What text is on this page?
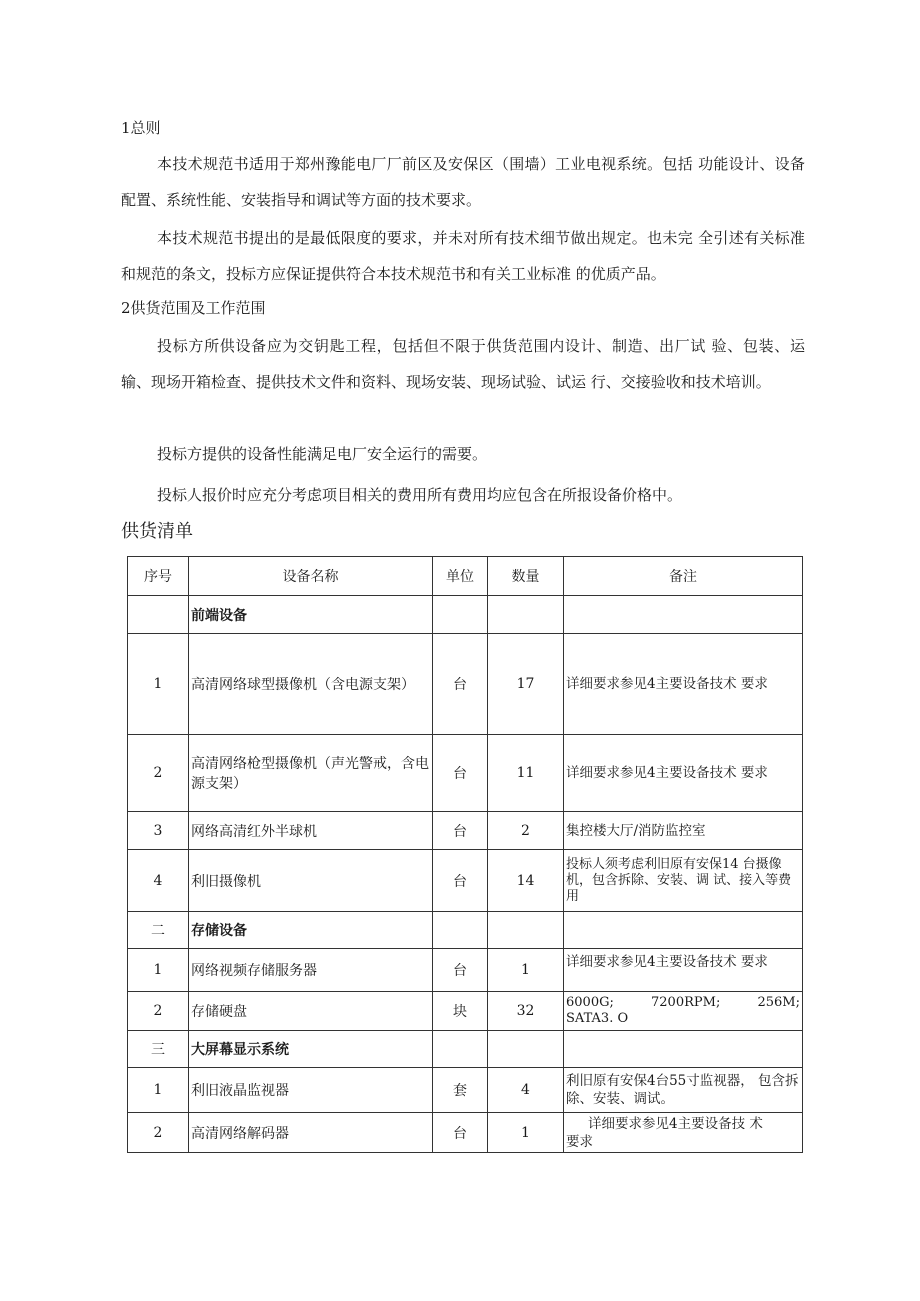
1总则
本技术规范书适用于郑州豫能电厂厂前区及安保区（围墙）工业电视系统。包括 功能设计、设备配置、系统性能、安装指导和调试等方面的技术要求。
本技术规范书提出的是最低限度的要求，并未对所有技术细节做出规定。也未完 全引述有关标准和规范的条文，投标方应保证提供符合本技术规范书和有关工业标准 的优质产品。
2供货范围及工作范围
投标方所供设备应为交钥匙工程，包括但不限于供货范围内设计、制造、出厂试 验、包装、运输、现场开箱检查、提供技术文件和资料、现场安装、现场试验、试运 行、交接验收和技术培训。
投标方提供的设备性能满足电厂安全运行的需要。
投标人报价时应充分考虑项目相关的费用所有费用均应包含在所报设备价格中。
供货清单
序号	设备名称	单位	数量	备注
	前端设备			
1	高清网络球型摄像机（含电源支架）	台	17	详细要求参见4主要设备技术 要求
2	高清网络枪型摄像机（声光警戒，含电源支架）	台	11	详细要求参见4主要设备技术 要求
3	网络高清红外半球机	台	2	集控楼大厅/消防监控室
4	利旧摄像机	台	14	投标人须考虑利旧原有安保14 台摄像机，包含拆除、安装、调 试、接入等费用
二	存储设备			
1	网络视频存储服务器	台	1	详细要求参见4主要设备技术 要求
2	存储硬盘	块	32	6000G; 7200RPM; 256M;
SATA3. O

三	大屏幕显示系统			
1	利旧液晶监视器	套	4	利旧原有安保4台55寸监视器， 包含拆除、安装、调试。
2	高清网络解码器	台	1	详细要求参见4主要设备技 术
要求
